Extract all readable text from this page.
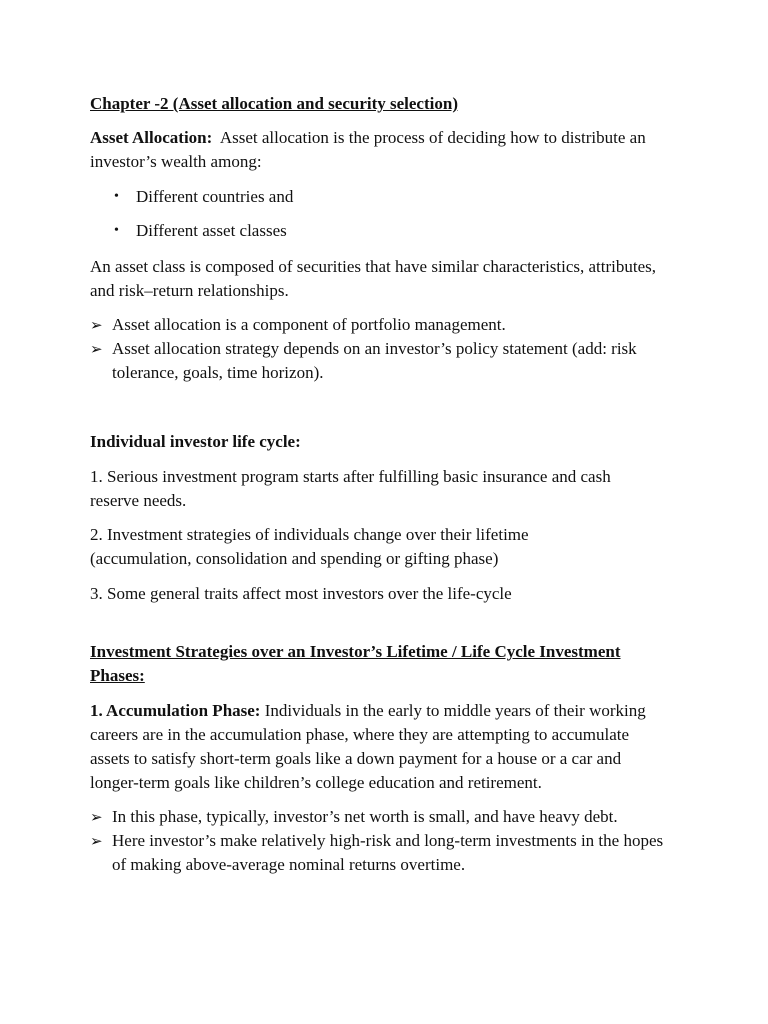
Chapter -2 (Asset allocation and security selection)
Asset Allocation: Asset allocation is the process of deciding how to distribute an investor’s wealth among:
• Different countries and
• Different asset classes
An asset class is composed of securities that have similar characteristics, attributes, and risk–return relationships.
➢ Asset allocation is a component of portfolio management.
➢ Asset allocation strategy depends on an investor’s policy statement (add: risk tolerance, goals, time horizon).
Individual investor life cycle:
1. Serious investment program starts after fulfilling basic insurance and cash reserve needs.
2. Investment strategies of individuals change over their lifetime (accumulation, consolidation and spending or gifting phase)
3. Some general traits affect most investors over the life-cycle
Investment Strategies over an Investor’s Lifetime / Life Cycle Investment Phases:
1. Accumulation Phase: Individuals in the early to middle years of their working careers are in the accumulation phase, where they are attempting to accumulate assets to satisfy short-term goals like a down payment for a house or a car and longer-term goals like children’s college education and retirement.
➢ In this phase, typically, investor’s net worth is small, and have heavy debt.
➢ Here investor’s make relatively high-risk and long-term investments in the hopes of making above-average nominal returns overtime.
